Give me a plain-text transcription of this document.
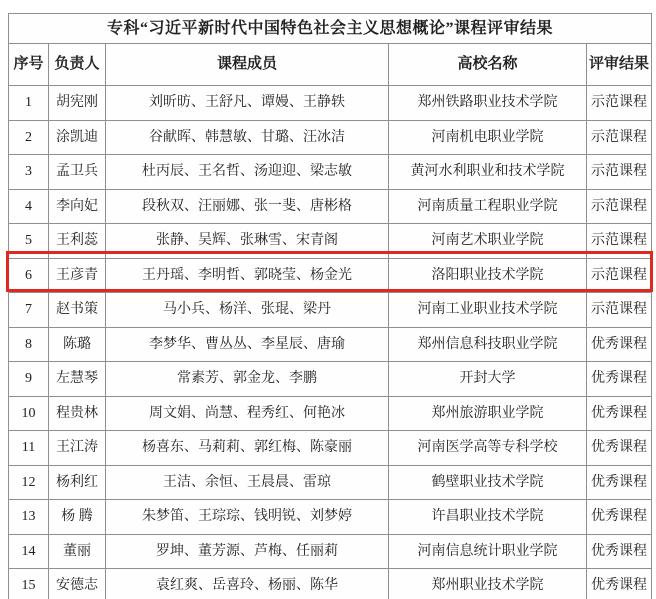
专科“习近平新时代中国特色社会主义思想概论”课程评审结果				
序号	负责人	课程成员	高校名称	评审结果
1	胡宪刚	刘昕昉、王舒凡、谭嫚、王静轶	郑州铁路职业技术学院	示范课程
2	涂凯迪	谷献晖、韩慧敏、甘璐、汪冰洁	河南机电职业学院	示范课程
3	孟卫兵	杜丙辰、王名哲、汤迎迎、梁志敏	黄河水利职业和技术学院	示范课程
4	李向妃	段秋双、汪丽娜、张一斐、唐彬格	河南质量工程职业学院	示范课程
5	王利蕊	张静、吴辉、张琳雪、宋青阁	河南艺术职业学院	示范课程
6	王彦青	王丹瑶、李明哲、郭晓莹、杨金光	洛阳职业技术学院	示范课程
7	赵书策	马小兵、杨洋、张琨、梁丹	河南工业职业技术学院	示范课程
8	陈璐	李梦华、曹丛丛、李星辰、唐瑜	郑州信息科技职业学院	优秀课程
9	左慧琴	常素芳、郭金龙、李鹏	开封大学	优秀课程
10	程贵林	周文娟、尚慧、程秀红、何艳冰	郑州旅游职业学院	优秀课程
11	王江涛	杨喜东、马莉莉、郭红梅、陈豪丽	河南医学高等专科学校	优秀课程
12	杨利红	王洁、余恒、王晨晨、雷琼	鹤壁职业技术学院	优秀课程
13	杨 腾	朱梦笛、王琮琮、钱明锐、刘梦婷	许昌职业技术学院	优秀课程
14	董丽	罗坤、董芳源、芦梅、任丽莉	河南信息统计职业学院	优秀课程
15	安德志	袁红爽、岳喜玲、杨丽、陈华	郑州职业技术学院	优秀课程
